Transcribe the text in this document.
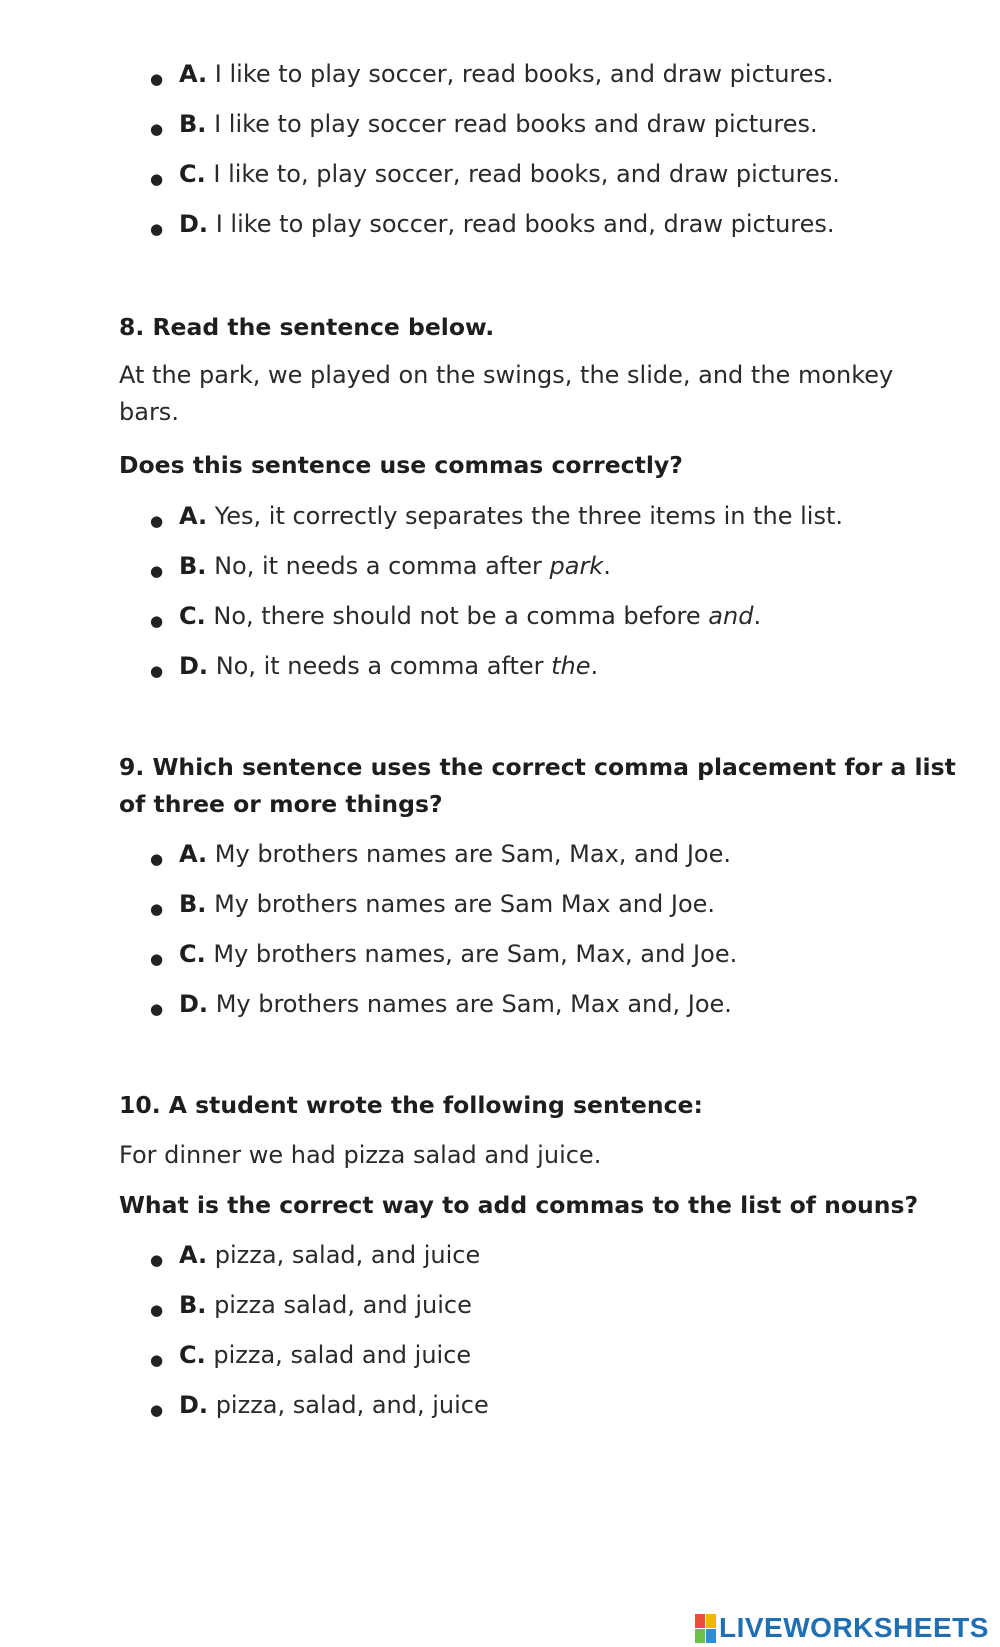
● A. I like to play soccer, read books, and draw pictures.
● B. I like to play soccer read books and draw pictures.
● C. I like to, play soccer, read books, and draw pictures.
● D. I like to play soccer, read books and, draw pictures.
8. Read the sentence below.
At the park, we played on the swings, the slide, and the monkey
bars.
Does this sentence use commas correctly?
● A. Yes, it correctly separates the three items in the list.
● B. No, it needs a comma after park.
● C. No, there should not be a comma before and.
● D. No, it needs a comma after the.
9. Which sentence uses the correct comma placement for a list
of three or more things?
● A. My brothers names are Sam, Max, and Joe.
● B. My brothers names are Sam Max and Joe.
● C. My brothers names, are Sam, Max, and Joe.
● D. My brothers names are Sam, Max and, Joe.
10. A student wrote the following sentence:
For dinner we had pizza salad and juice.
What is the correct way to add commas to the list of nouns?
● A. pizza, salad, and juice
● B. pizza salad, and juice
● C. pizza, salad and juice
● D. pizza, salad, and, juice
LIVEWORKSHEETS
